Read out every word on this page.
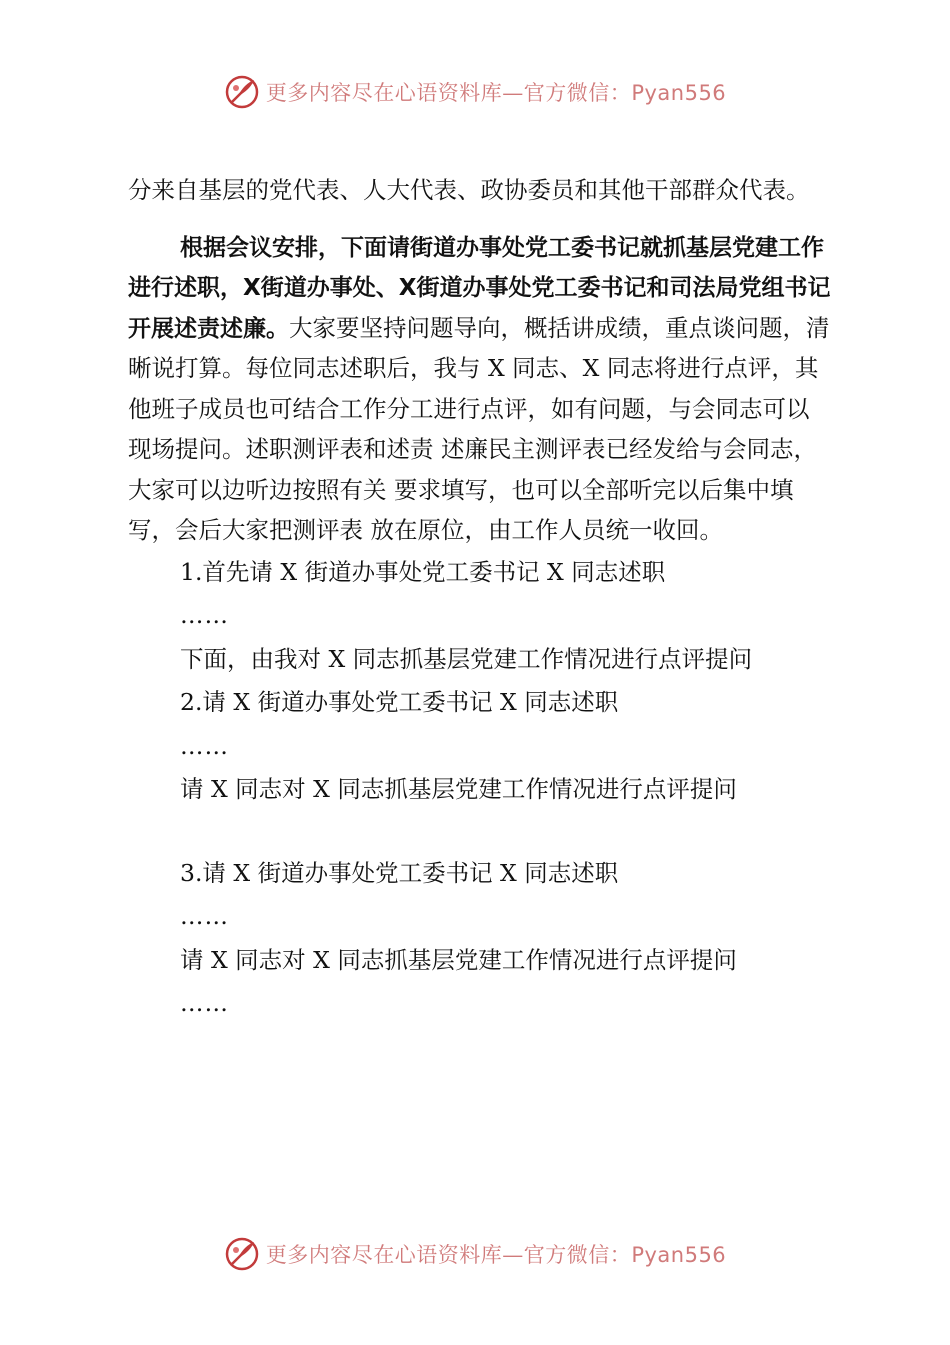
更多内容尽在心语资料库—官方微信：Pyan556

分来自基层的党代表、人大代表、政协委员和其他干部群众代表。

根据会议安排，下面请街道办事处党工委书记就抓基层党建工作进行述职，X街道办事处、X街道办事处党工委书记和司法局党组书记开展述责述廉。大家要坚持问题导向，概括讲成绩，重点谈问题，清晰说打算。每位同志述职后，我与 X 同志、X 同志将进行点评，其他班子成员也可结合工作分工进行点评，如有问题，与会同志可以现场提问。述职测评表和述责 述廉民主测评表已经发给与会同志，大家可以边听边按照有关 要求填写，也可以全部听完以后集中填写，会后大家把测评表 放在原位，由工作人员统一收回。

1.首先请 X 街道办事处党工委书记 X 同志述职

……

下面，由我对 X 同志抓基层党建工作情况进行点评提问

2.请 X 街道办事处党工委书记 X 同志述职

……

请 X 同志对 X 同志抓基层党建工作情况进行点评提问

3.请 X 街道办事处党工委书记 X 同志述职

……

请 X 同志对 X 同志抓基层党建工作情况进行点评提问

……

更多内容尽在心语资料库—官方微信：Pyan556
